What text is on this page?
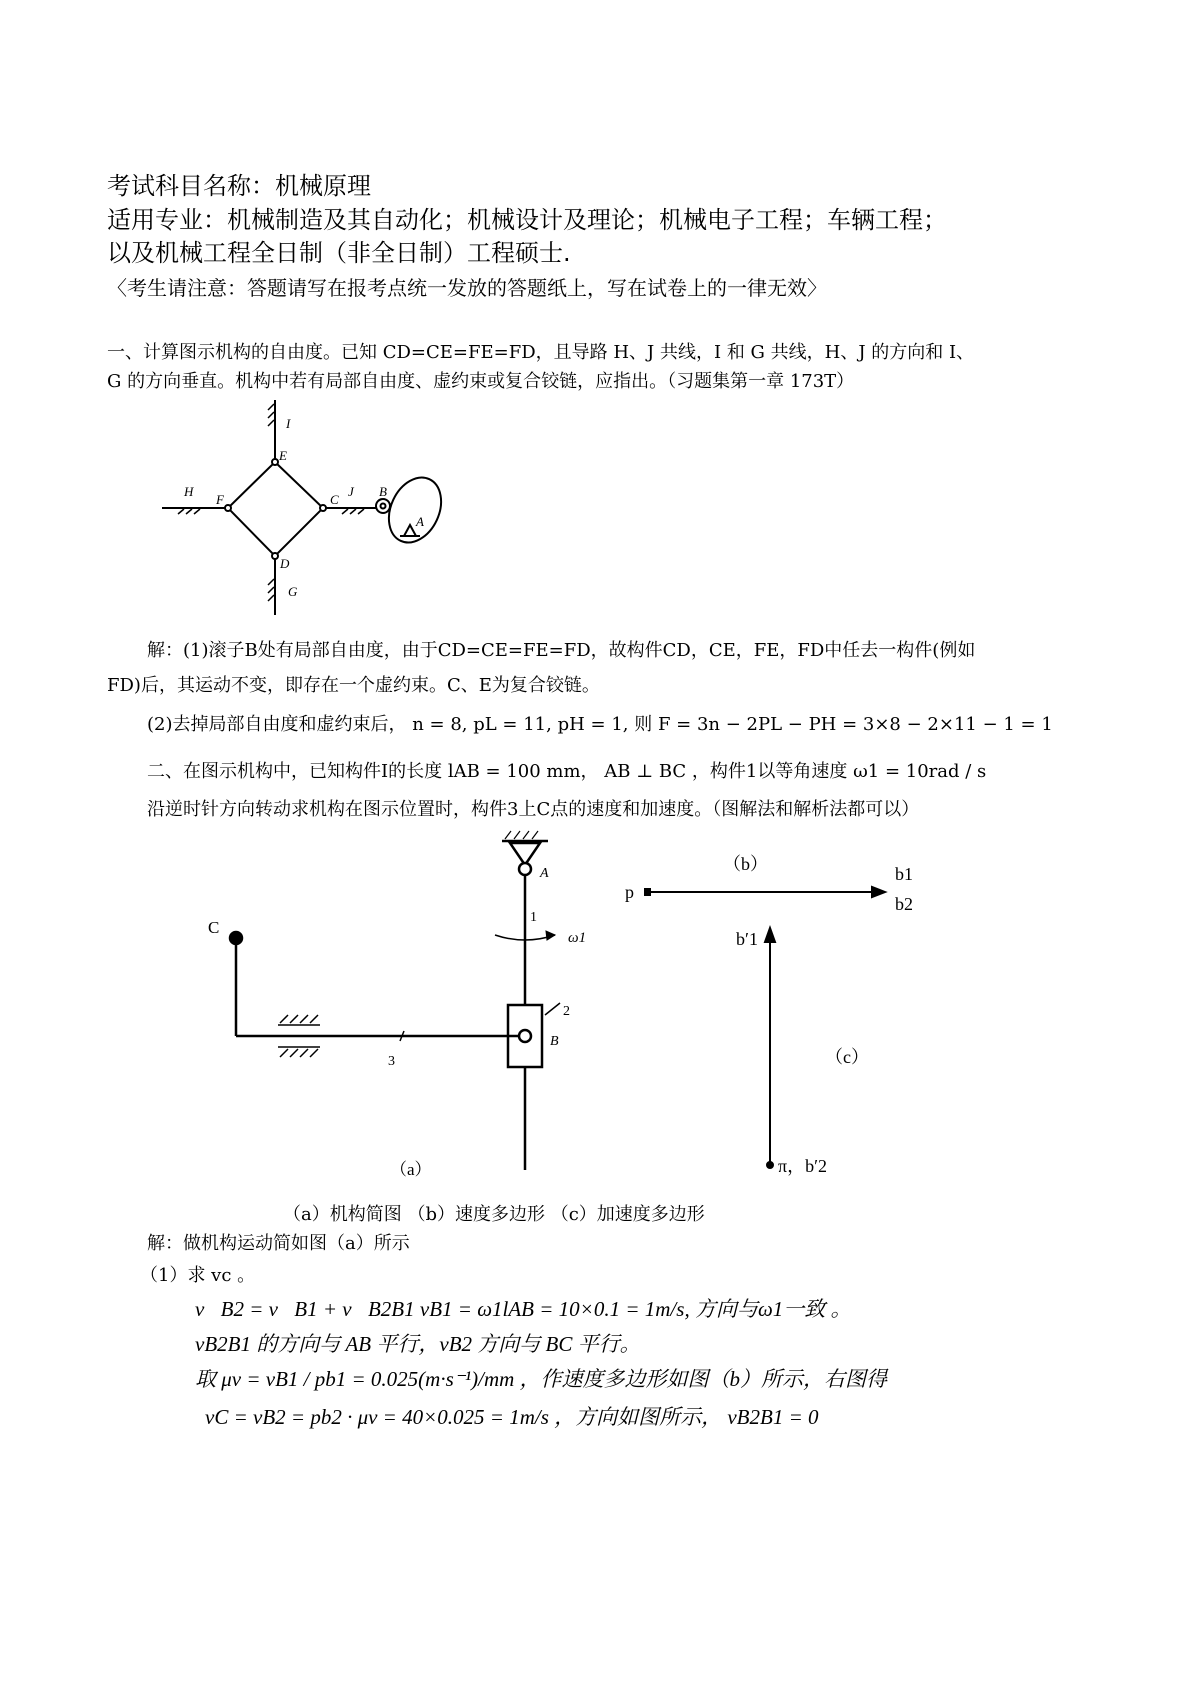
考试科目名称：机械原理
适用专业：机械制造及其自动化；机械设计及理论；机械电子工程；车辆工程；
以及机械工程全日制（非全日制）工程硕士.
〈考生请注意：答题请写在报考点统一发放的答题纸上，写在试卷上的一律无效〉
一、计算图示机构的自由度。已知 CD=CE=FE=FD，且导路 H、J 共线，I 和 G 共线，H、J 的方向和 I、
G 的方向垂直。机构中若有局部自由度、虚约束或复合铰链，应指出。（习题集第一章 173T）
I
E
H
F	C
J B
A
D
G
解：(1)滚子B处有局部自由度，由于CD=CE=FE=FD，故构件CD，CE，FE，FD中任去一构件(例如
FD)后，其运动不变，即存在一个虚约束。C、E为复合铰链。
(2)去掉局部自由度和虚约束后， n = 8, pL = 11, pH = 1, 则 F = 3n − 2PL − PH = 3×8 − 2×11 − 1 = 1
二、在图示机构中，已知构件I的长度 lAB = 100 mm， AB ⊥ BC ，构件1以等角速度 ω1 = 10rad / s
沿逆时针方向转动求机构在图示位置时，构件3上C点的速度和加速度。（图解法和解析法都可以）
C
A
1
ω1
2
B
3
（a）
（b）
p
b1
b2
b′1
（c）
π，b′2
（a）机构简图 （b）速度多边形 （c）加速度多边形
解：做机构运动简如图（a）所示
（1）求 vc 。
v⃗B2 = v⃗B1 + v⃗B2B1 vB1 = ω1lAB = 10×0.1 = 1m/s, 方向与ω1一致 。
vB2B1 的方向与 AB 平行，vB2 方向与 BC 平行。
取 μv = vB1 / pb1 = 0.025(m·s⁻¹)/mm ，作速度多边形如图（b）所示，右图得
vC = vB2 = pb2 · μv = 40×0.025 = 1m/s ，方向如图所示， vB2B1 = 0
